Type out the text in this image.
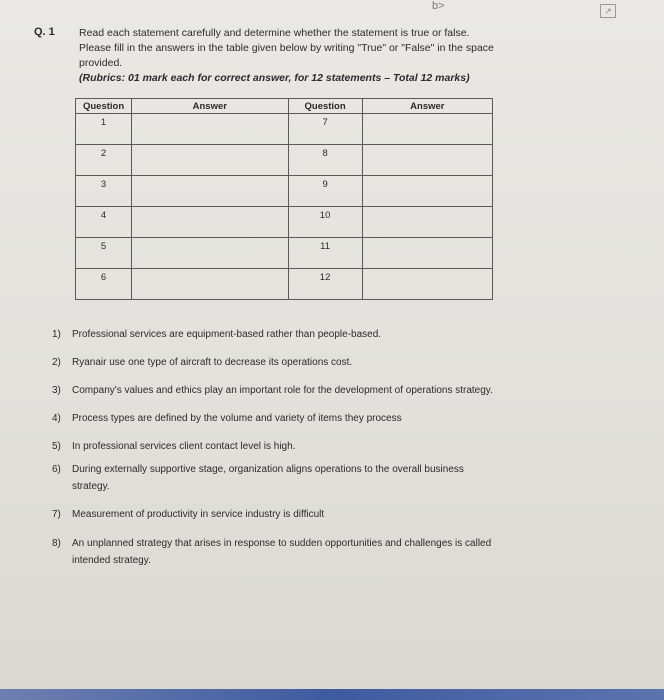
b>	↗
Q. 1 Read each statement carefully and determine whether the statement is true or false.

Please fill in the answers in the table given below by writing "True" or "False" in the space provided.

(Rubrics: 01 mark each for correct answer, for 12 statements – Total 12 marks)

Question	Answer	Question	Answer
1		7	
2		8	
3		9	
4		10	
5		11	
6		12	
1) Professional services are equipment-based rather than people-based.
2) Ryanair use one type of aircraft to decrease its operations cost.
3) Company's values and ethics play an important role for the development of operations strategy.
4) Process types are defined by the volume and variety of items they process
5) In professional services client contact level is high.
6) During externally supportive stage, organization aligns operations to the overall business strategy.
7) Measurement of productivity in service industry is difficult
8) An unplanned strategy that arises in response to sudden opportunities and challenges is called intended strategy.
